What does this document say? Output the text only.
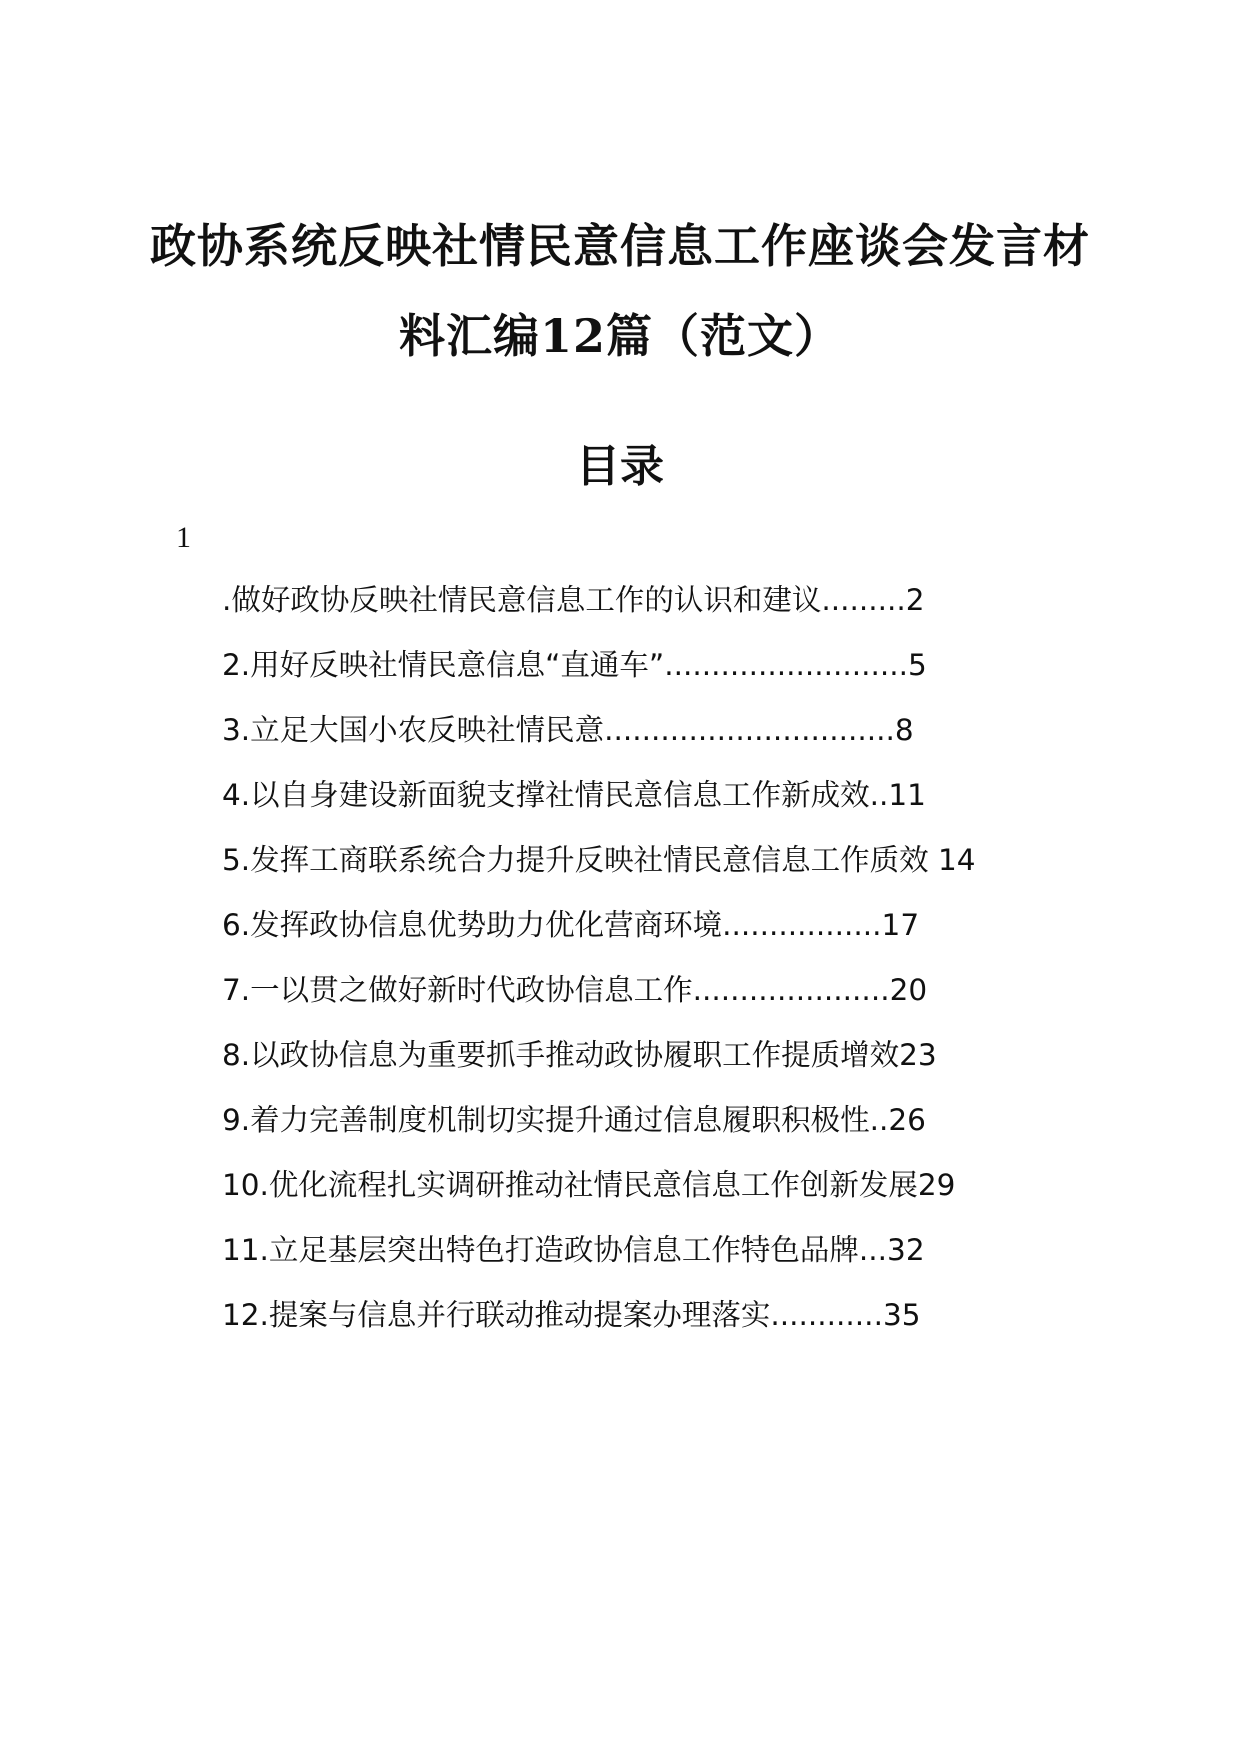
政协系统反映社情民意信息工作座谈会发言材
料汇编12篇（范文）
目录
1
.做好政协反映社情民意信息工作的认识和建议.........2
2.用好反映社情民意信息“直通车”..........................5
3.立足大国小农反映社情民意...............................8
4.以自身建设新面貌支撑社情民意信息工作新成效..11
5.发挥工商联系统合力提升反映社情民意信息工作质效 14
6.发挥政协信息优势助力优化营商环境.................17
7.一以贯之做好新时代政协信息工作.....................20
8.以政协信息为重要抓手推动政协履职工作提质增效23
9.着力完善制度机制切实提升通过信息履职积极性..26
10.优化流程扎实调研推动社情民意信息工作创新发展29
11.立足基层突出特色打造政协信息工作特色品牌...32
12.提案与信息并行联动推动提案办理落实............35
